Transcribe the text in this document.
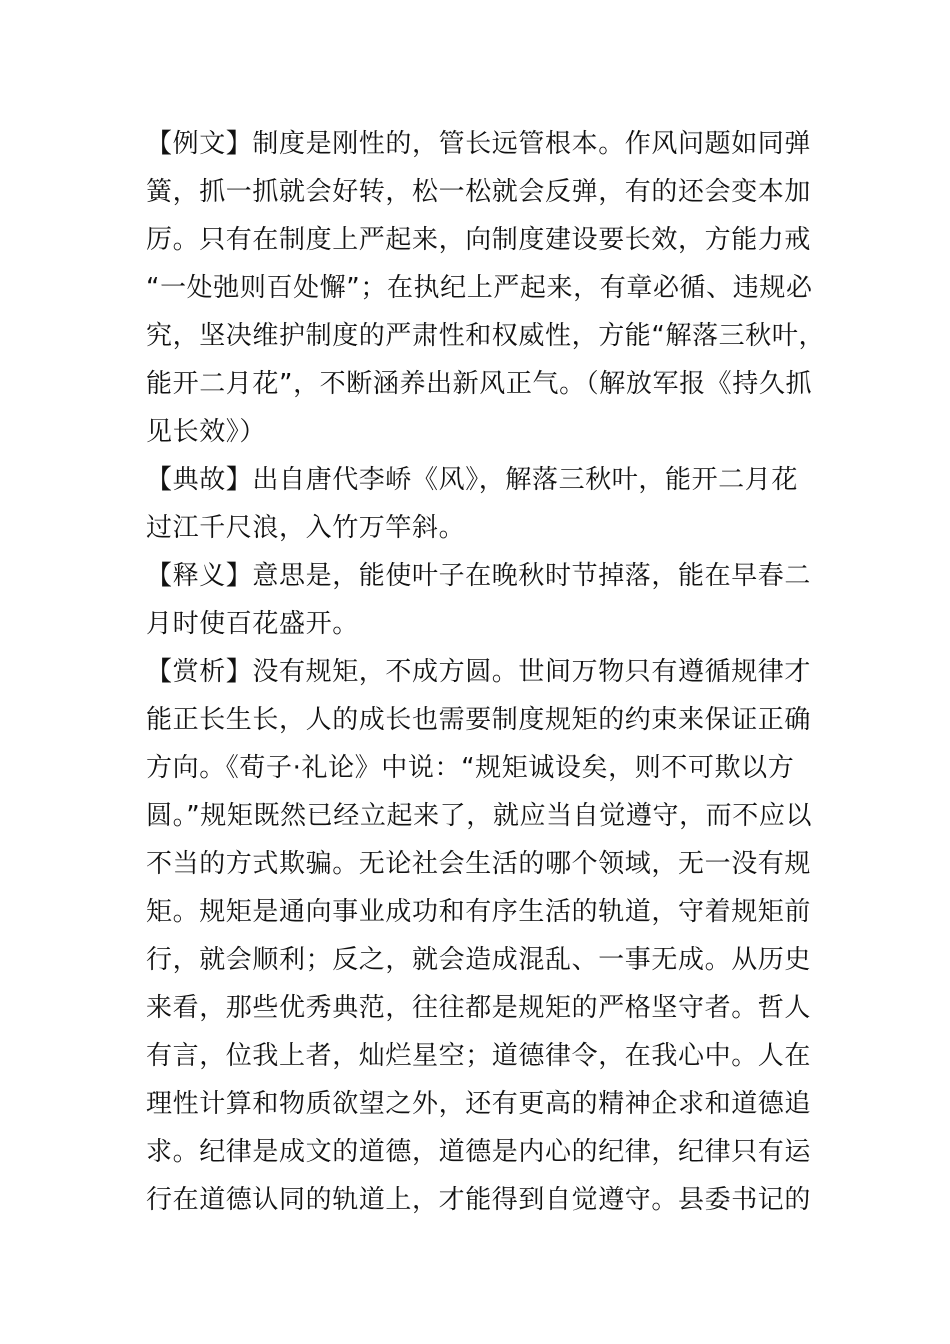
【例文】制度是刚性的，管长远管根本。作风问题如同弹
簧，抓一抓就会好转，松一松就会反弹，有的还会变本加
厉。只有在制度上严起来，向制度建设要长效，方能力戒
“一处弛则百处懈”；在执纪上严起来，有章必循、违规必
究，坚决维护制度的严肃性和权威性，方能“解落三秋叶，
能开二月花”，不断涵养出新风正气。（解放军报《持久抓
见长效》）
【典故】出自唐代李峤《风》，解落三秋叶，能开二月花
过江千尺浪，入竹万竿斜。
【释义】意思是，能使叶子在晚秋时节掉落，能在早春二
月时使百花盛开。
【赏析】没有规矩，不成方圆。世间万物只有遵循规律才
能正长生长，人的成长也需要制度规矩的约束来保证正确
方向。《荀子·礼论》中说：“规矩诚设矣，则不可欺以方
圆。”规矩既然已经立起来了，就应当自觉遵守，而不应以
不当的方式欺骗。无论社会生活的哪个领域，无一没有规
矩。规矩是通向事业成功和有序生活的轨道，守着规矩前
行，就会顺利；反之，就会造成混乱、一事无成。从历史
来看，那些优秀典范，往往都是规矩的严格坚守者。哲人
有言，位我上者，灿烂星空；道德律令，在我心中。人在
理性计算和物质欲望之外，还有更高的精神企求和道德追
求。纪律是成文的道德，道德是内心的纪律，纪律只有运
行在道德认同的轨道上，才能得到自觉遵守。县委书记的
